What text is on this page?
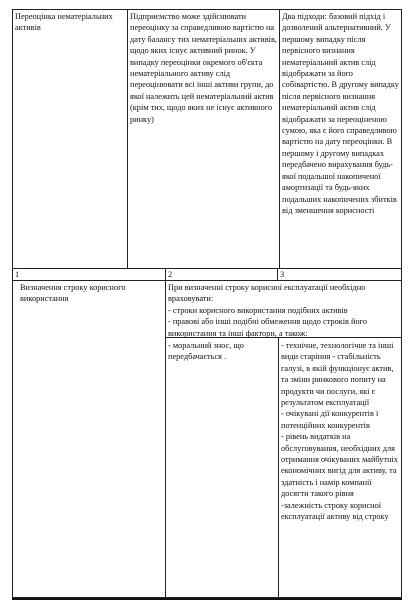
Переоцінка нематеріальних активів
Підприємство може здійснювати переоцінку за справедливою вартістю на дату балансу тих нематеріальних активів, щодо яких існує активний ринок. У випадку переоцінки окремого об'єкта нематеріального активу слід переоцінювати всі інші активи групи, до якої належить цей нематеріальний актив (крім тих, щодо яких не існує активного ринку)
Два підходи: базовий підхід і дозволений альтернативний. У першому випадку після первісного визнання нематеріальний актив слід відображати за його собівартістю. В другому випадку після первісного визнання нематеріальний актив слід відображати за переоціненою сумою, яка є його справедливою вартістю на дату переоцінки. В першому і другому випадках передбачено вирахування будь-якої подальшої накопиченої амортизації та будь-яких подальших накопичених збитків від зменшення корисності
1	2	3
Визначення строку корисного використання

При визначенні строку корисної експлуатації необхідно враховувати:

- строки корисного використання подібних активів

- правові або інші подібні обмеження щодо строків його використання та інші фактори, а також:

- моральний знос, що передбачається .

- технічне, технологічне та інші види старіння - стабільність галузі, в якій функціонує актив, та зміни ринкового попиту на продукти чи послуги, які є результатом експлуатації

- очікувані дії конкурентів і потенційних конкурентів

- рівень видатків на обслуговування, необхідних для отримання очікуваних майбутніх економічних вигід для активу, та здатність і намір компанії досягти такого рівня

-залежність строку корисної експлуатації активу від строку
